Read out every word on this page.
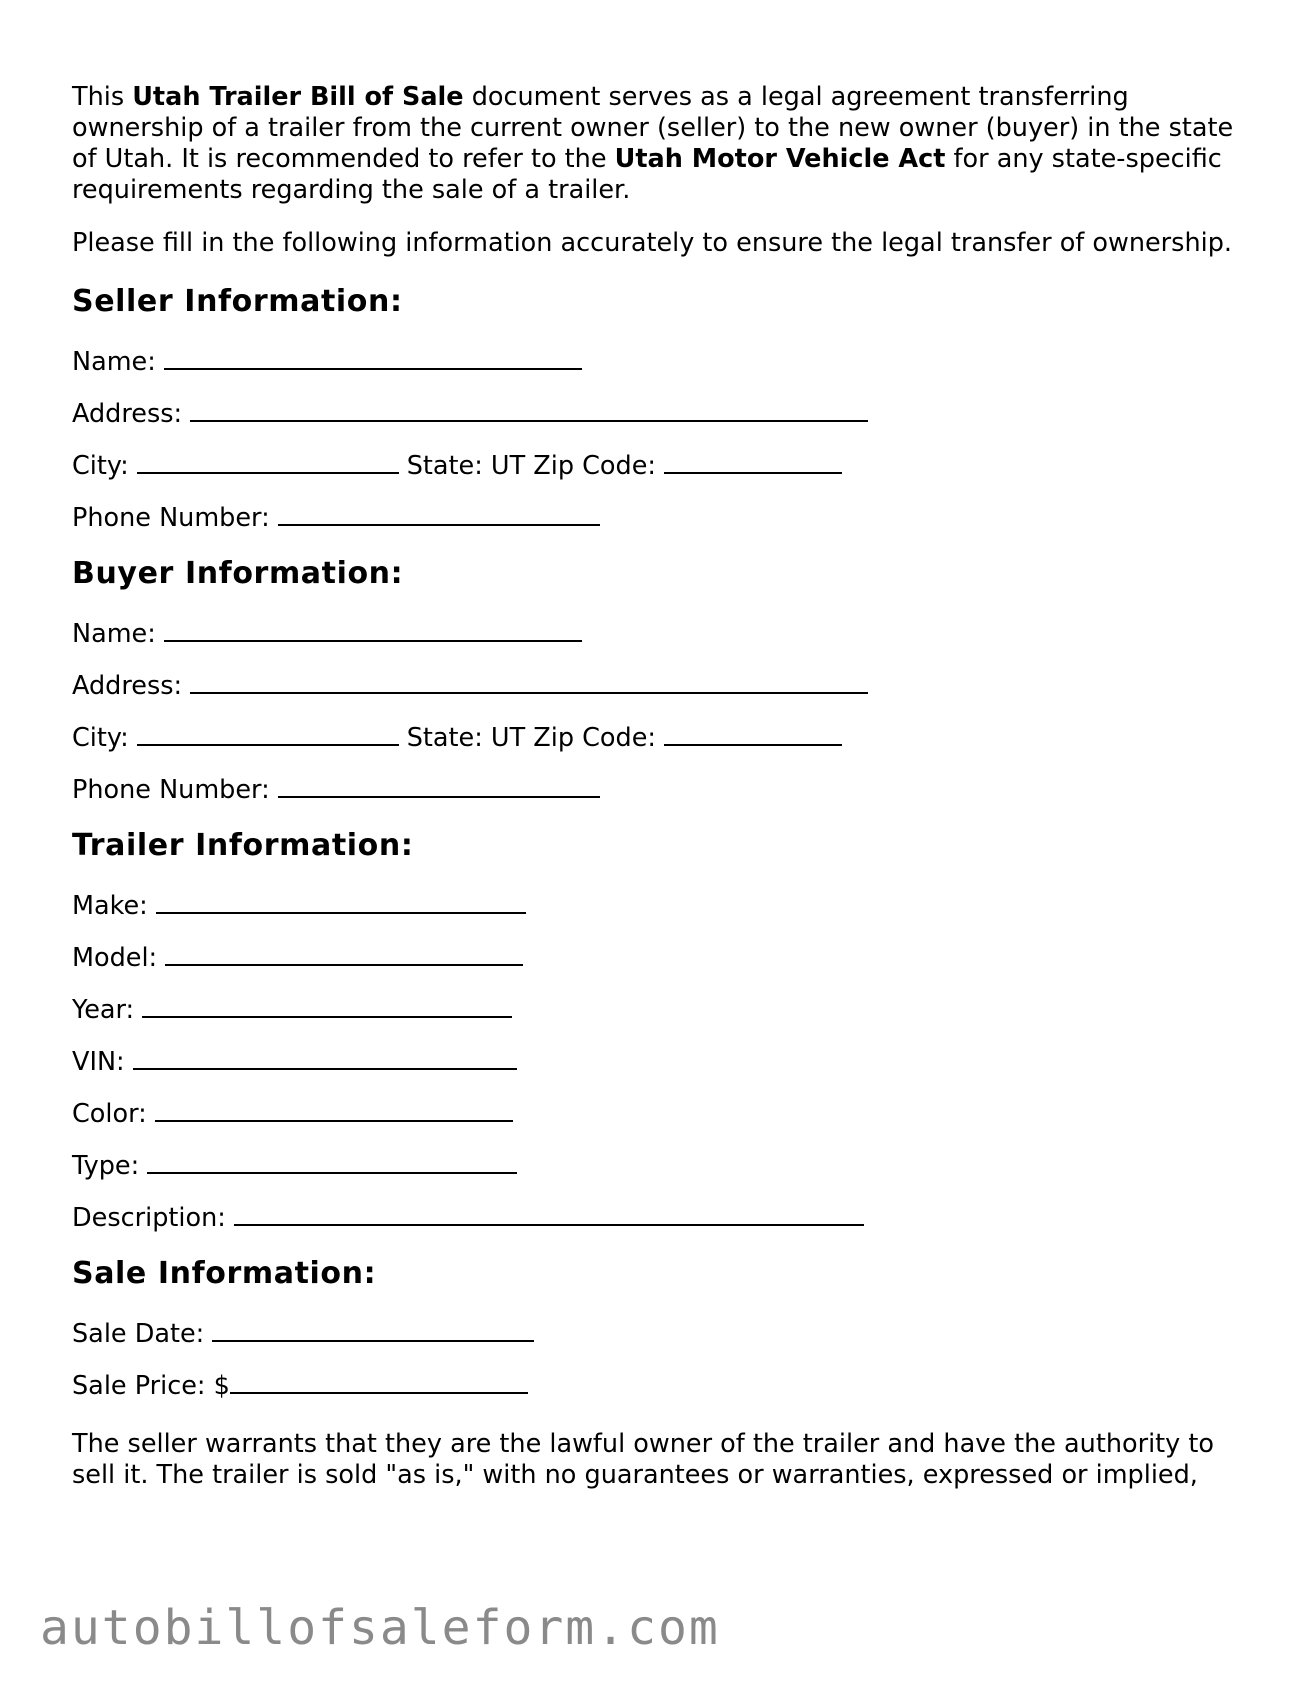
This Utah Trailer Bill of Sale document serves as a legal agreement transferring ownership of a trailer from the current owner (seller) to the new owner (buyer) in the state of Utah. It is recommended to refer to the Utah Motor Vehicle Act for any state-specific requirements regarding the sale of a trailer.

Please fill in the following information accurately to ensure the legal transfer of ownership.

Seller Information:
Name:
Address:
City:	State: UT Zip Code:
Phone Number:
Buyer Information:
Name:
Address:
City:	State: UT Zip Code:
Phone Number:
Trailer Information:
Make:
Model:
Year:
VIN:
Color:
Type:
Description:
Sale Information:
Sale Date:
Sale Price: $

The seller warrants that they are the lawful owner of the trailer and have the authority to sell it. The trailer is sold "as is," with no guarantees or warranties, expressed or implied,

autobillofsaleform.com
